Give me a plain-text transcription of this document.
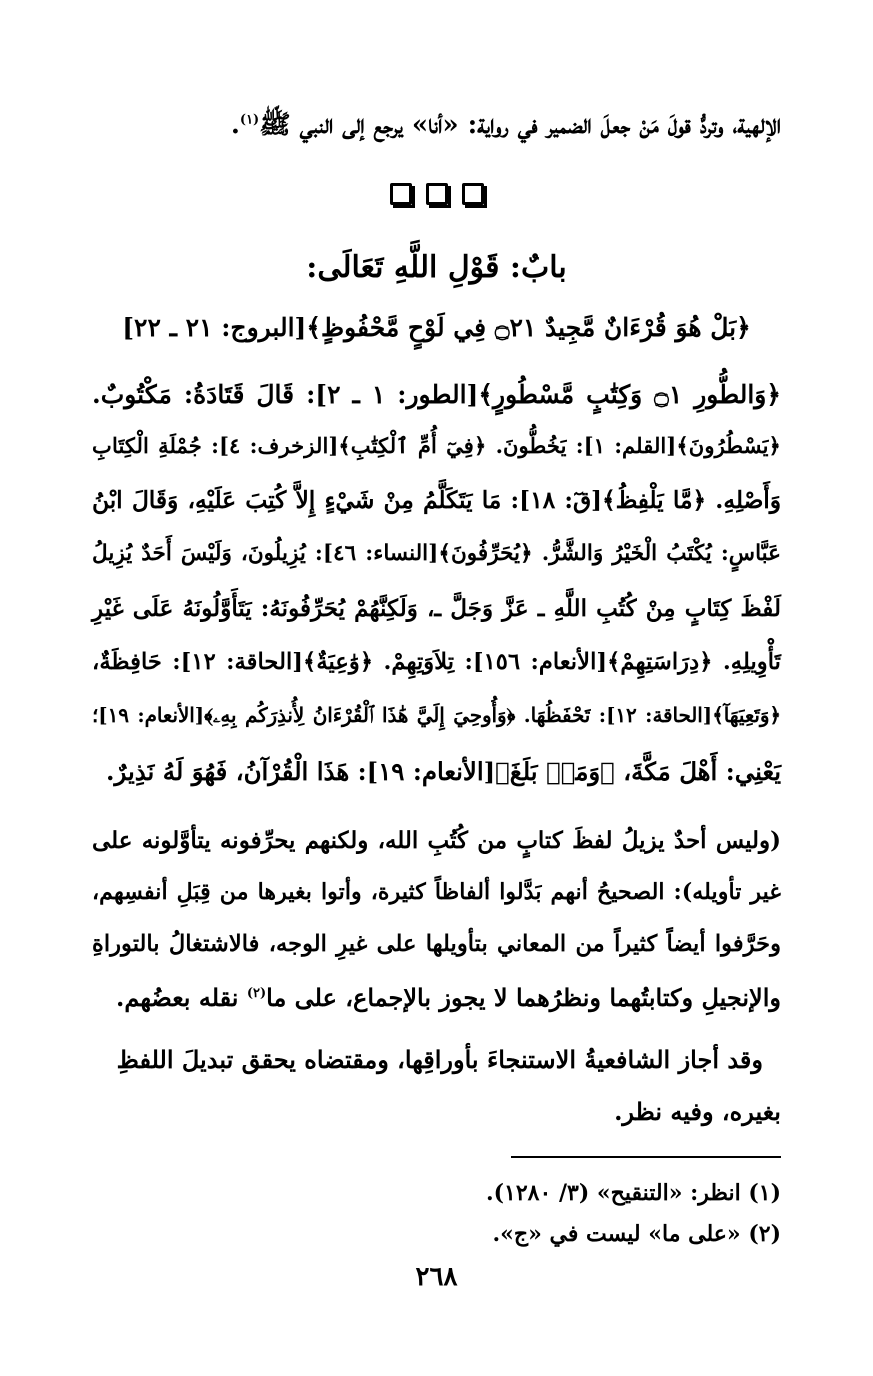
الإلهية، وتردُّ قولَ مَنْ جعلَ الضمير في رواية: «أنا» يرجع إلى النبي ﷺ$^{(١)}$.
بابٌ: قَوْلِ اللَّهِ تَعَالَى:
﴿بَلْ هُوَ قُرْءَانٌ مَّجِيدٌ ۝٢١ فِي لَوْحٍ مَّحْفُوظٍ﴾[البروج: ٢١ ـ ٢٢]
﴿وَالطُّورِ ۝١ وَكِتَٰبٍ مَّسْطُورٍ﴾[الطور: ١ ـ ٢]: قَالَ قَتَادَةُ: مَكْتُوبٌ.
﴿يَسْطُرُونَ﴾[القلم: ١]: يَخُطُّونَ. ﴿فِيٓ أُمِّ ٱلْكِتَٰبِ﴾[الزخرف: ٤]: جُمْلَةِ الْكِتَابِ
وَأَصْلِهِ. ﴿مَّا يَلْفِظُ﴾[قٓ: ١٨]: مَا يَتَكَلَّمُ مِنْ شَيْءٍ إِلاَّ كُتِبَ عَلَيْهِ، وَقَالَ ابْنُ
عَبَّاسٍ: يُكْتَبُ الْخَيْرُ وَالشَّرُّ. ﴿يُحَرِّفُونَ﴾[النساء: ٤٦]: يُزِيلُونَ، وَلَيْسَ أَحَدٌ يُزِيلُ
لَفْظَ كِتَابٍ مِنْ كُتُبِ اللَّهِ ـ عَزَّ وَجَلَّ ـ، وَلَكِنَّهُمْ يُحَرِّفُونَهُ: يَتَأَوَّلُونَهُ عَلَى غَيْرِ
تَأْوِيلِهِ. ﴿دِرَاسَتِهِمْ﴾[الأنعام: ١٥٦]: تِلاَوَتِهِمْ. ﴿وَٰعِيَةٌ﴾[الحاقة: ١٢]: حَافِظَةٌ،
﴿وَتَعِيَهَآ﴾[الحاقة: ١٢]: تَحْفَظُهَا. ﴿وَأُوحِيَ إِلَيَّ هَٰذَا ٱلْقُرْءَانُ لِأُنذِرَكُم بِهِۦ﴾[الأنعام: ١٩]؛
يَعْنِي: أَهْلَ مَكَّةَ، ﴿وَمَنۢ بَلَغَ﴾[الأنعام: ١٩]: هَذَا الْقُرْآنُ، فَهُوَ لَهُ نَذِيرٌ.
(وليس أحدٌ يزيلُ لفظَ كتابٍ من كُتُبِ الله، ولكنهم يحرِّفونه يتأوَّلونه على
غير تأويله): الصحيحُ أنهم بَدَّلوا ألفاظاً كثيرة، وأتوا بغيرها من قِبَلِ أنفسِهم،
وحَرَّفوا أيضاً كثيراً من المعاني بتأويلها على غيرِ الوجه، فالاشتغالُ بالتوراةِ
والإنجيلِ وكتابتُهما ونظرُهما لا يجوز بالإجماع، على ما$^{(٢)}$ نقله بعضُهم.
وقد أجاز الشافعيةُ الاستنجاءَ بأوراقِها، ومقتضاه يحقق تبديلَ اللفظِ
بغيره، وفيه نظر.
(١) انظر: «التنقيح» (٣/ ١٢٨٠).
(٢) «على ما» ليست في «ج».
٢٦٨
